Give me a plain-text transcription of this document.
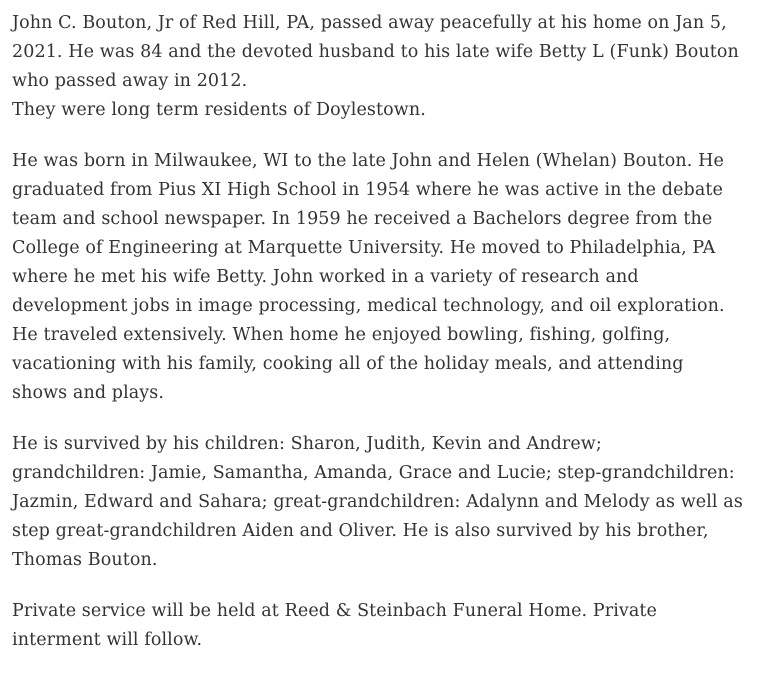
John C. Bouton, Jr of Red Hill, PA, passed away peacefully at his home on Jan 5,
2021. He was 84 and the devoted husband to his late wife Betty L (Funk) Bouton
who passed away in 2012.
They were long term residents of Doylestown.

He was born in Milwaukee, WI to the late John and Helen (Whelan) Bouton. He
graduated from Pius XI High School in 1954 where he was active in the debate
team and school newspaper. In 1959 he received a Bachelors degree from the
College of Engineering at Marquette University. He moved to Philadelphia, PA
where he met his wife Betty. John worked in a variety of research and
development jobs in image processing, medical technology, and oil exploration.
He traveled extensively. When home he enjoyed bowling, fishing, golfing,
vacationing with his family, cooking all of the holiday meals, and attending
shows and plays.

He is survived by his children: Sharon, Judith, Kevin and Andrew;
grandchildren: Jamie, Samantha, Amanda, Grace and Lucie; step-grandchildren:
Jazmin, Edward and Sahara; great-grandchildren: Adalynn and Melody as well as
step great-grandchildren Aiden and Oliver. He is also survived by his brother,
Thomas Bouton.

Private service will be held at Reed & Steinbach Funeral Home. Private
interment will follow.
